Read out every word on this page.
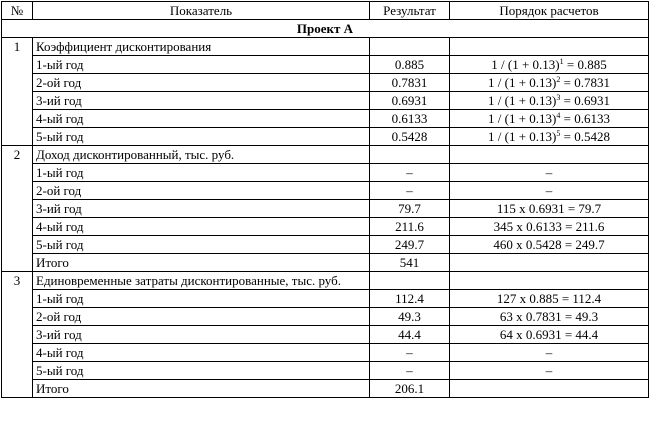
№	Показатель	Результат	Порядок расчетов
Проект А			
1	Коэффициент дисконтирования		
	1-ый год	0.885	$1 / (1 + 0.13)^1 = 0.885$
	2-ой год	0.7831	$1 / (1 + 0.13)^2 = 0.7831$
	3-ий год	0.6931	$1 / (1 + 0.13)^3 = 0.6931$
	4-ый год	0.6133	$1 / (1 + 0.13)^4 = 0.6133$
	5-ый год	0.5428	$1 / (1 + 0.13)^5 = 0.5428$
2	Доход дисконтированный, тыс. руб.		
	1-ый год	–	–
	2-ой год	–	–
	3-ий год	79.7	115 х 0.6931 = 79.7
	4-ый год	211.6	345 х 0.6133 = 211.6
	5-ый год	249.7	460 х 0.5428 = 249.7
	Итого	541	
3	Единовременные затраты дисконтированные, тыс. руб.		
	1-ый год	112.4	127 х 0.885 = 112.4
	2-ой год	49.3	63 х 0.7831 = 49.3
	3-ий год	44.4	64 х 0.6931 = 44.4
	4-ый год	–	–
	5-ый год	–	–
	Итого	206.1	
